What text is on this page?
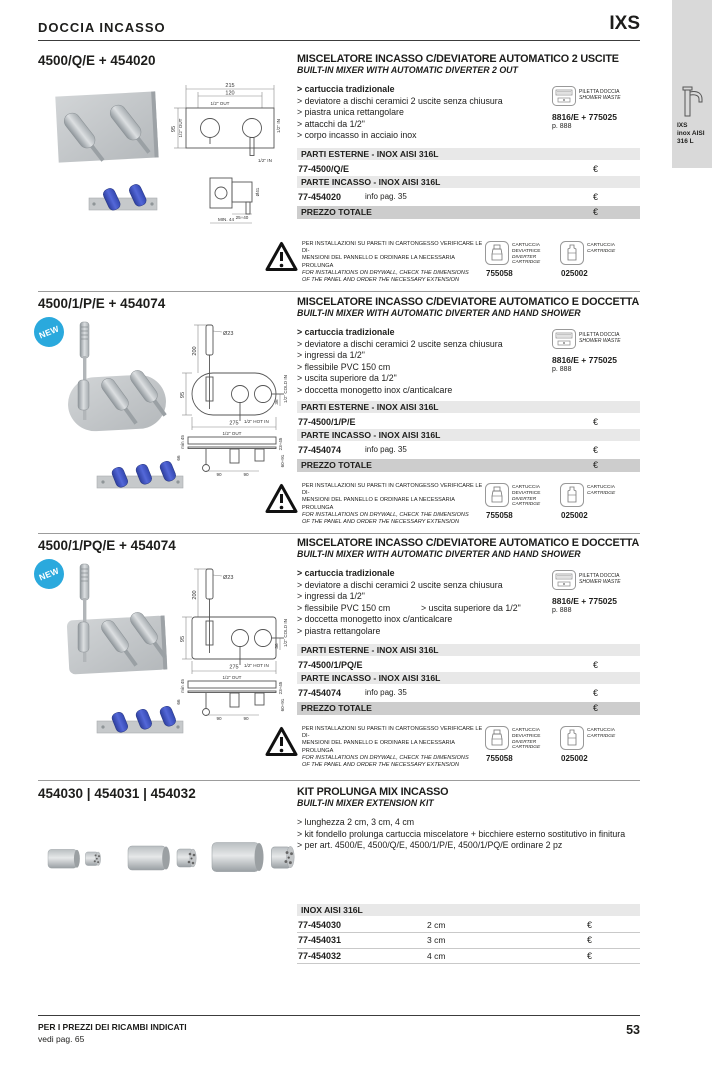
DOCCIA INCASSO	IXS
IXS
inox AISI
316 L
4500/Q/E + 454020
215
120
1/2" OUT
1/2" OUT
95	1/2" IN
1/2" IN
Ø41
25÷40
MIN. 44
MISCELATORE INCASSO C/DEVIATORE AUTOMATICO 2 USCITE
BUILT-IN MIXER WITH AUTOMATIC DIVERTER 2 OUT
> cartuccia tradizionale
> deviatore a dischi ceramici 2 uscite senza chiusura
> piastra unica rettangolare
> attacchi da 1/2"
> corpo incasso in acciaio inox
PILETTA DOCCIA
SHOWER WASTE
8816/E + 775025
p. 888
PARTI ESTERNE - INOX AISI 316L
77-4500/Q/E	€
PARTE INCASSO - INOX AISI 316L
77-454020	info pag. 35	€
PREZZO TOTALE	€
PER INSTALLAZIONI SU PARETI IN CARTONGESSO VERIFICARE LE DI-
MENSIONI DEL PANNELLO E ORDINARE LA NECESSARIA PROLUNGA
FOR INSTALLATIONS ON DRYWALL, CHECK THE DIMENSIONS
OF THE PANEL AND ORDER THE NECESSARY EXTENSION
CARTUCCIA
DEVIATRICE
DIVERTER CARTRIDGE
755058
CARTUCCIA
CARTRIDGE
025002
4500/1/P/E + 454074
NEW
200
Ø23
95
275
1/2" COLD IN
36
1/2" HOT IN
1/2" OUT
min 45
66
23÷45
60÷91
90	90
MISCELATORE INCASSO C/DEVIATORE AUTOMATICO E DOCCETTA
BUILT-IN MIXER WITH AUTOMATIC DIVERTER AND HAND SHOWER
> cartuccia tradizionale
> deviatore a dischi ceramici 2 uscite senza chiusura
> ingressi da 1/2"
> flessibile PVC 150 cm
> uscita superiore da 1/2"
> doccetta monogetto inox c/anticalcare
PILETTA DOCCIA
SHOWER WASTE
8816/E + 775025
p. 888
PARTI ESTERNE - INOX AISI 316L
77-4500/1/P/E	€
PARTE INCASSO - INOX AISI 316L
77-454074	info pag. 35	€
PREZZO TOTALE	€
PER INSTALLAZIONI SU PARETI IN CARTONGESSO VERIFICARE LE DI-
MENSIONI DEL PANNELLO E ORDINARE LA NECESSARIA PROLUNGA
FOR INSTALLATIONS ON DRYWALL, CHECK THE DIMENSIONS
OF THE PANEL AND ORDER THE NECESSARY EXTENSION
CARTUCCIA
DEVIATRICE
DIVERTER CARTRIDGE
755058
CARTUCCIA
CARTRIDGE
025002
4500/1/PQ/E + 454074
NEW
200
Ø23
95
275
1/2" COLD IN
36
1/2" HOT IN
1/2" OUT
min 45
66
23÷45
60÷91
90	90
MISCELATORE INCASSO C/DEVIATORE AUTOMATICO E DOCCETTA
BUILT-IN MIXER WITH AUTOMATIC DIVERTER AND HAND SHOWER
> cartuccia tradizionale
> deviatore a dischi ceramici 2 uscite senza chiusura
> ingressi da 1/2"
> flessibile PVC 150 cm	> uscita superiore da 1/2"
> doccetta monogetto inox c/anticalcare
> piastra rettangolare
PILETTA DOCCIA
SHOWER WASTE
8816/E + 775025
p. 888
PARTI ESTERNE - INOX AISI 316L
77-4500/1/PQ/E	€
PARTE INCASSO - INOX AISI 316L
77-454074	info pag. 35	€
PREZZO TOTALE	€
PER INSTALLAZIONI SU PARETI IN CARTONGESSO VERIFICARE LE DI-
MENSIONI DEL PANNELLO E ORDINARE LA NECESSARIA PROLUNGA
FOR INSTALLATIONS ON DRYWALL, CHECK THE DIMENSIONS
OF THE PANEL AND ORDER THE NECESSARY EXTENSION
CARTUCCIA
DEVIATRICE
DIVERTER CARTRIDGE
755058
CARTUCCIA
CARTRIDGE
025002
454030 | 454031 | 454032	KIT PROLUNGA MIX INCASSO
BUILT-IN MIXER EXTENSION KIT
> lunghezza 2 cm, 3 cm, 4 cm
> kit fondello prolunga cartuccia miscelatore + bicchiere esterno sostitutivo in finitura
> per art. 4500/E, 4500/Q/E, 4500/1/P/E, 4500/1/PQ/E ordinare 2 pz
INOX AISI 316L
77-454030	2 cm	€
77-454031	3 cm	€
77-454032	4 cm	€
PER I PREZZI DEI RICAMBI INDICATI
vedi pag. 65
53
